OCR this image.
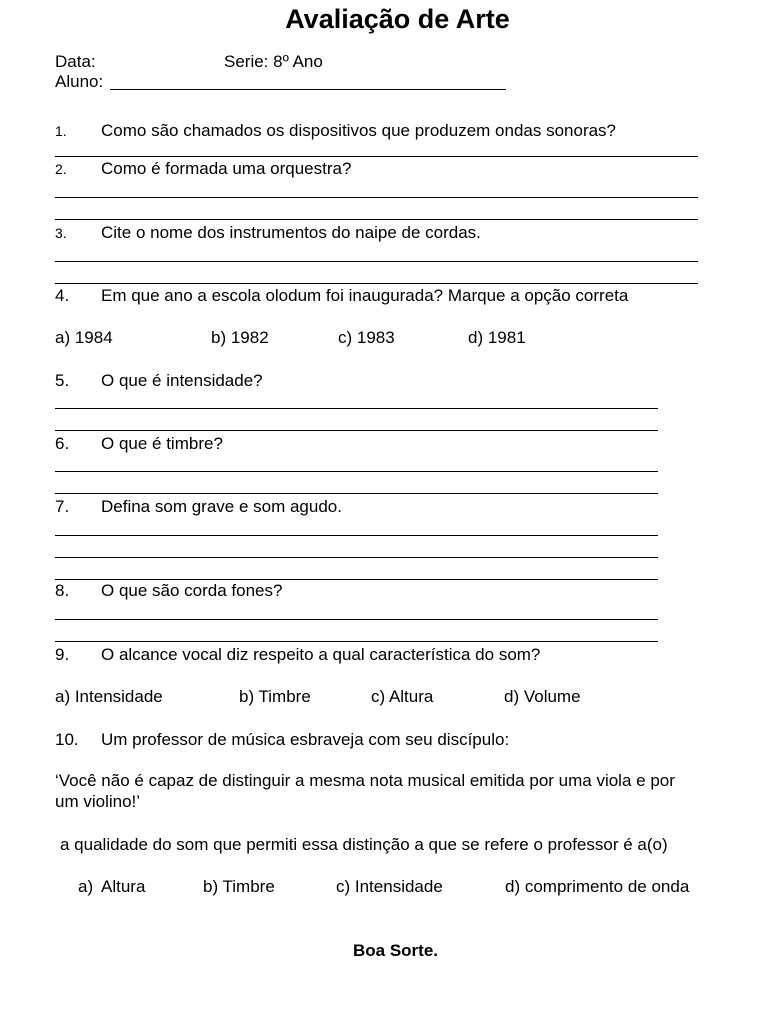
Avaliação de Arte
Data:	Serie: 8º Ano
Aluno:
1. Como são chamados os dispositivos que produzem ondas sonoras?
2. Como é formada uma orquestra?
3. Cite o nome dos instrumentos do naipe de cordas.
4. Em que ano a escola olodum foi inaugurada? Marque a opção correta
a) 1984	b) 1982	c) 1983	d) 1981
5. O que é intensidade?
6. O que é timbre?
7. Defina som grave e som agudo.
8. O que são corda fones?
9. O alcance vocal diz respeito a qual característica do som?
a) Intensidade	b) Timbre	c) Altura	d) Volume
10. Um professor de música esbraveja com seu discípulo:
‘Você não é capaz de distinguir a mesma nota musical emitida por uma viola e por
um violino!’
a qualidade do som que permiti essa distinção a que se refere o professor é a(o)
a) Altura	b) Timbre	c) Intensidade	d) comprimento de onda
Boa Sorte.
